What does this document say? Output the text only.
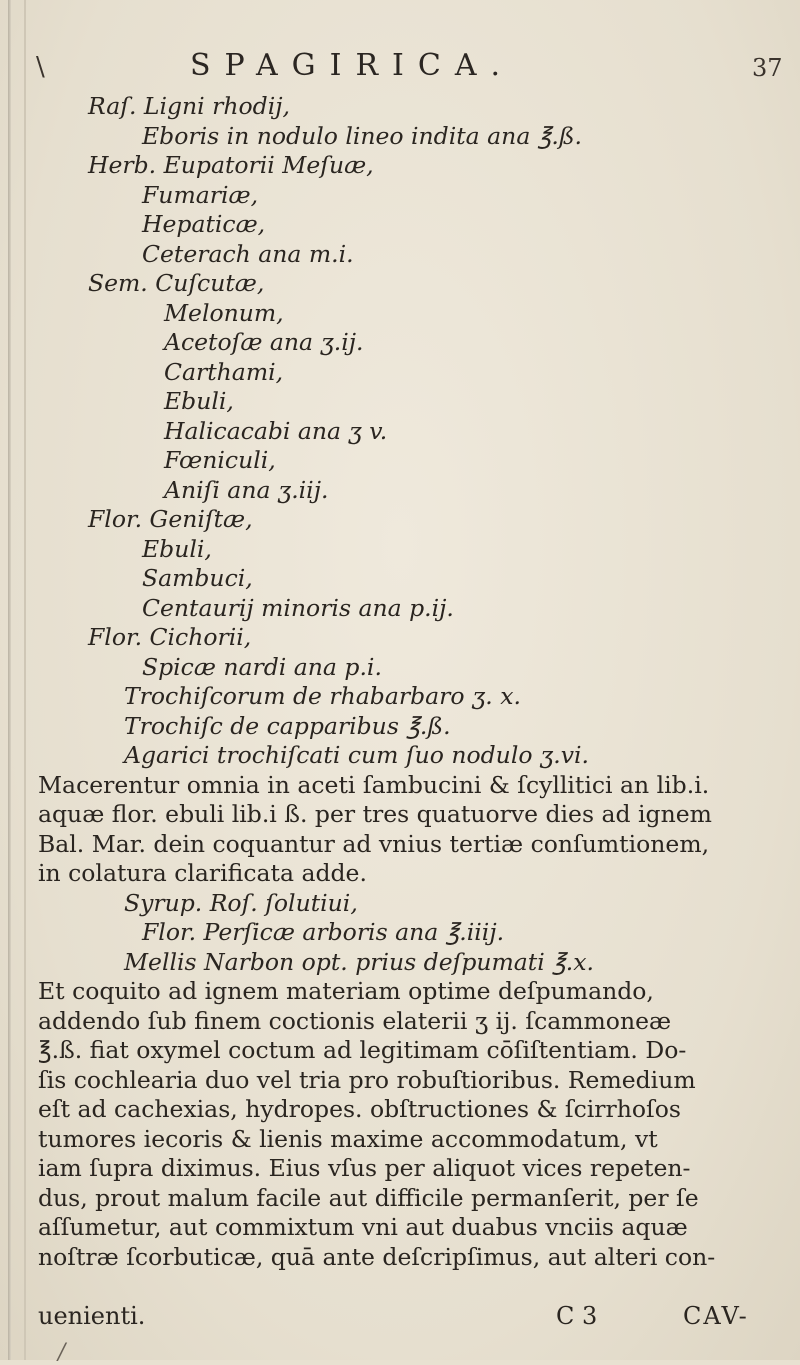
\	SPAGIRICA.	37
Raſ. Ligni rhodij,
Eboris in nodulo lineo indita ana ℥.ß.
Herb. Eupatorii Meſuæ,
Fumariæ,
Hepaticæ,
Ceterach ana m.i.
Sem. Cuſcutæ,
Melonum,
Acetoſæ ana ʒ.ij.
Carthami,
Ebuli,
Halicacabi ana ʒ v.
Fœniculi,
Aniſi ana ʒ.iij.
Flor. Geniſtæ,
Ebuli,
Sambuci,
Centaurij minoris ana p.ij.
Flor. Cichorii,
Spicæ nardi ana p.i.
Trochiſcorum de rhabarbaro ʒ. x.
Trochiſc de capparibus ℥.ß.
Agarici trochiſcati cum ſuo nodulo ʒ.vi.
Macerentur omnia in aceti ſambucini & ſcyllitici an lib.i.
aquæ flor. ebuli lib.i ß. per tres quatuorve dies ad ignem
Bal. Mar. dein coquantur ad vnius tertiæ conſumtionem,
in colatura clarificata adde.
Syrup. Roſ. ſolutiui,
Flor. Perſicæ arboris ana ℥.iiij.
Mellis Narbon opt. prius deſpumati ℥.x.
Et coquito ad ignem materiam optime deſpumando,
addendo ſub finem coctionis elaterii ʒ ij. ſcammoneæ
℥.ß. fiat oxymel coctum ad legitimam cōſiſtentiam. Do-
ſis cochlearia duo vel tria pro robuſtioribus. Remedium
eſt ad cachexias, hydropes. obſtructiones & ſcirrhoſos
tumores iecoris & lienis maxime accommodatum, vt
iam ſupra diximus. Eius vſus per aliquot vices repeten-
dus, prout malum facile aut difficile permanſerit, per ſe
aſſumetur, aut commixtum vni aut duabus vnciis aquæ
noſtræ ſcorbuticæ, quā ante deſcripſimus, aut alteri con-
uenienti.	C 3	CAV-
/
